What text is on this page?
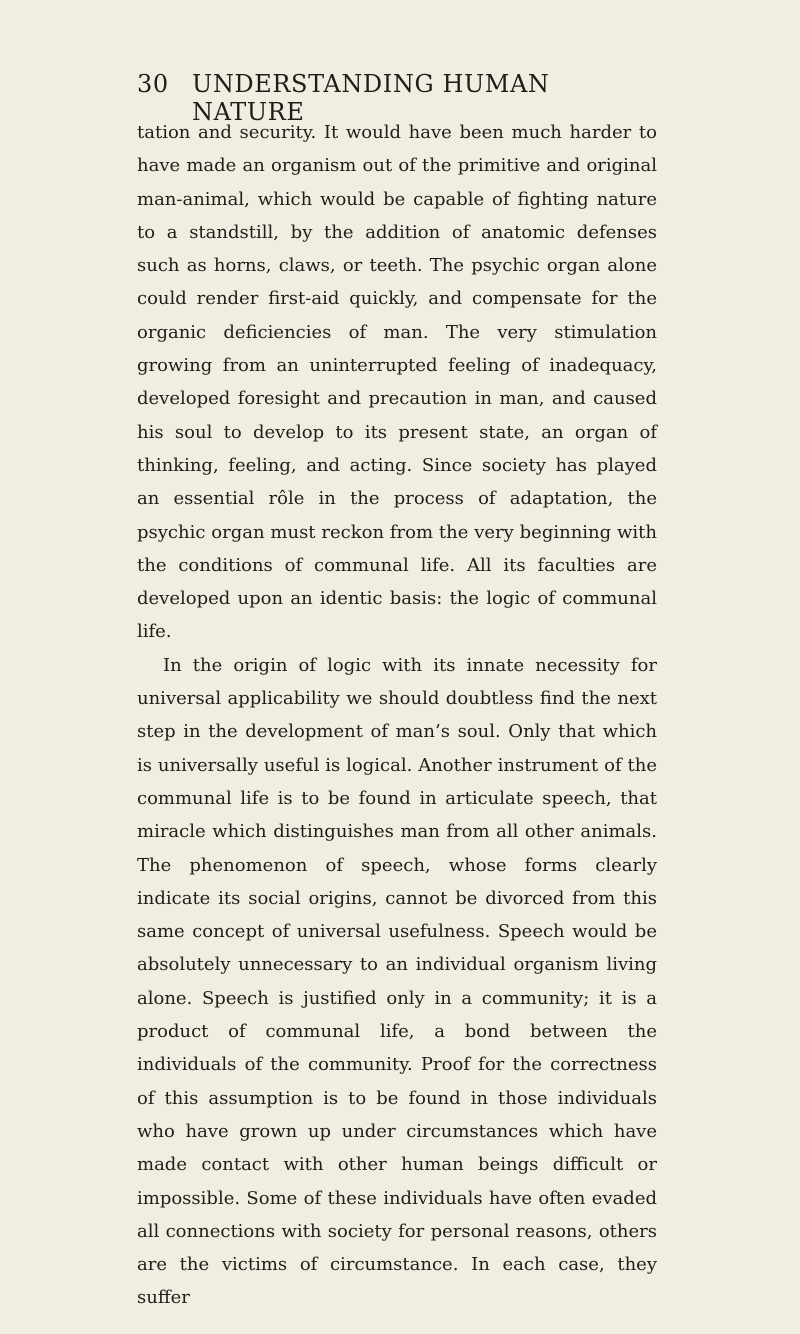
30 UNDERSTANDING HUMAN NATURE

tation and security. It would have been much harder to have made an organism out of the primitive and original man-animal, which would be capable of fighting nature to a standstill, by the addition of anatomic defenses such as horns, claws, or teeth. The psychic organ alone could render first-aid quickly, and compensate for the organic deficiencies of man. The very stimulation growing from an uninterrupted feeling of inadequacy, developed foresight and precaution in man, and caused his soul to develop to its present state, an organ of thinking, feeling, and acting. Since society has played an essential rôle in the process of adaptation, the psychic organ must reckon from the very beginning with the conditions of communal life. All its faculties are developed upon an identic basis: the logic of communal life.

In the origin of logic with its innate necessity for universal applicability we should doubtless find the next step in the development of man’s soul. Only that which is universally useful is logical. Another instrument of the communal life is to be found in articulate speech, that miracle which distinguishes man from all other animals. The phenomenon of speech, whose forms clearly indicate its social origins, cannot be divorced from this same concept of universal usefulness. Speech would be absolutely unnecessary to an individual organism living alone. Speech is justified only in a community; it is a product of communal life, a bond between the individuals of the community. Proof for the correctness of this assumption is to be found in those individuals who have grown up under circumstances which have made contact with other human beings difficult or impossible. Some of these individuals have often evaded all connections with society for personal reasons, others are the victims of circumstance. In each case, they suffer
